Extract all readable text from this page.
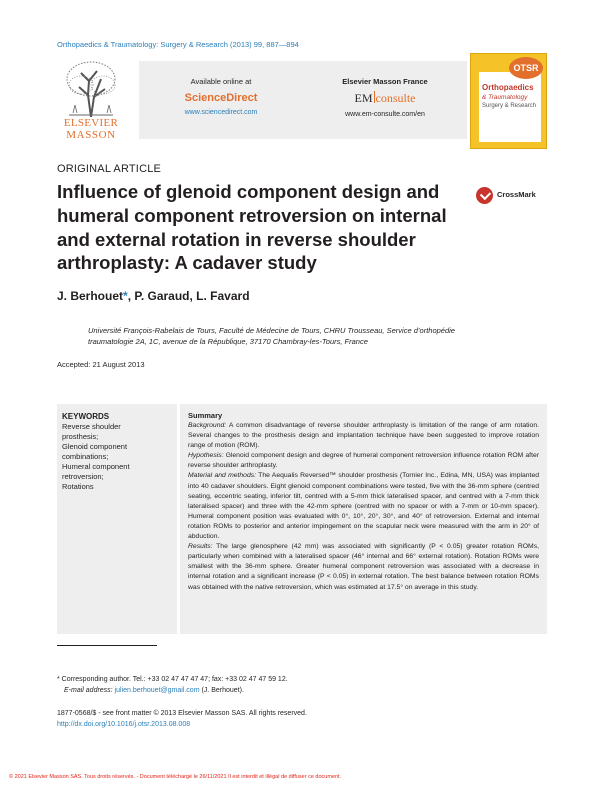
Orthopaedics & Traumatology: Surgery & Research (2013) 99, 887—894
ELSEVIER
MASSON
Available online at
ScienceDirect
www.sciencedirect.com
Elsevier Masson France
EM consulte
www.em-consulte.com/en
OTSR
Orthopaedics
& Traumatology
Surgery & Research
ORIGINAL ARTICLE
Influence of glenoid component design and humeral component retroversion on internal and external rotation in reverse shoulder arthroplasty: A cadaver study
CrossMark
J. Berhouet*, P. Garaud, L. Favard
Université François-Rabelais de Tours, Faculté de Médecine de Tours, CHRU Trousseau, Service d’orthopédie traumatologie 2A, 1C, avenue de la République, 37170 Chambray-les-Tours, France
Accepted: 21 August 2013
KEYWORDS
Reverse shoulder
prosthesis;
Glenoid component
combinations;
Humeral component
retroversion;
Rotations
Summary

Background: A common disadvantage of reverse shoulder arthroplasty is limitation of the range of arm rotation. Several changes to the prosthesis design and implantation technique have been suggested to improve rotation range of motion (ROM).

Hypothesis: Glenoid component design and degree of humeral component retroversion influence rotation ROM after reverse shoulder arthroplasty.

Material and methods: The Aequalis Reversed™ shoulder prosthesis (Tornier Inc., Edina, MN, USA) was implanted into 40 cadaver shoulders. Eight glenoid component combinations were tested, five with the 36-mm sphere (centred seating, eccentric seating, inferior tilt, centred with a 5-mm thick lateralised spacer, and centred with a 7-mm thick lateralised spacer) and three with the 42-mm sphere (centred with no spacer or with a 7-mm or 10-mm spacer). Humeral component position was evaluated with 0°, 10°, 20°, 30°, and 40° of retroversion. External and internal rotation ROMs to posterior and anterior impingement on the scapular neck were measured with the arm in 20° of abduction.

Results: The large glenosphere (42 mm) was associated with significantly (P < 0.05) greater rotation ROMs, particularly when combined with a lateralised spacer (46° internal and 66° external rotation). Rotation ROMs were smallest with the 36-mm sphere. Greater humeral component retroversion was associated with a decrease in internal rotation and a significant increase (P < 0.05) in external rotation. The best balance between rotation ROMs was obtained with the native retroversion, which was estimated at 17.5° on average in this study.

* Corresponding author. Tel.: +33 02 47 47 47 47; fax: +33 02 47 47 59 12.
E-mail address: julien.berhouet@gmail.com (J. Berhouet).
1877-0568/$ - see front matter © 2013 Elsevier Masson SAS. All rights reserved.
http://dx.doi.org/10.1016/j.otsr.2013.08.008
© 2021 Elsevier Masson SAS. Tous droits réservés. - Document téléchargé le 26/11/2021 Il est interdit et illégal de diffuser ce document.
